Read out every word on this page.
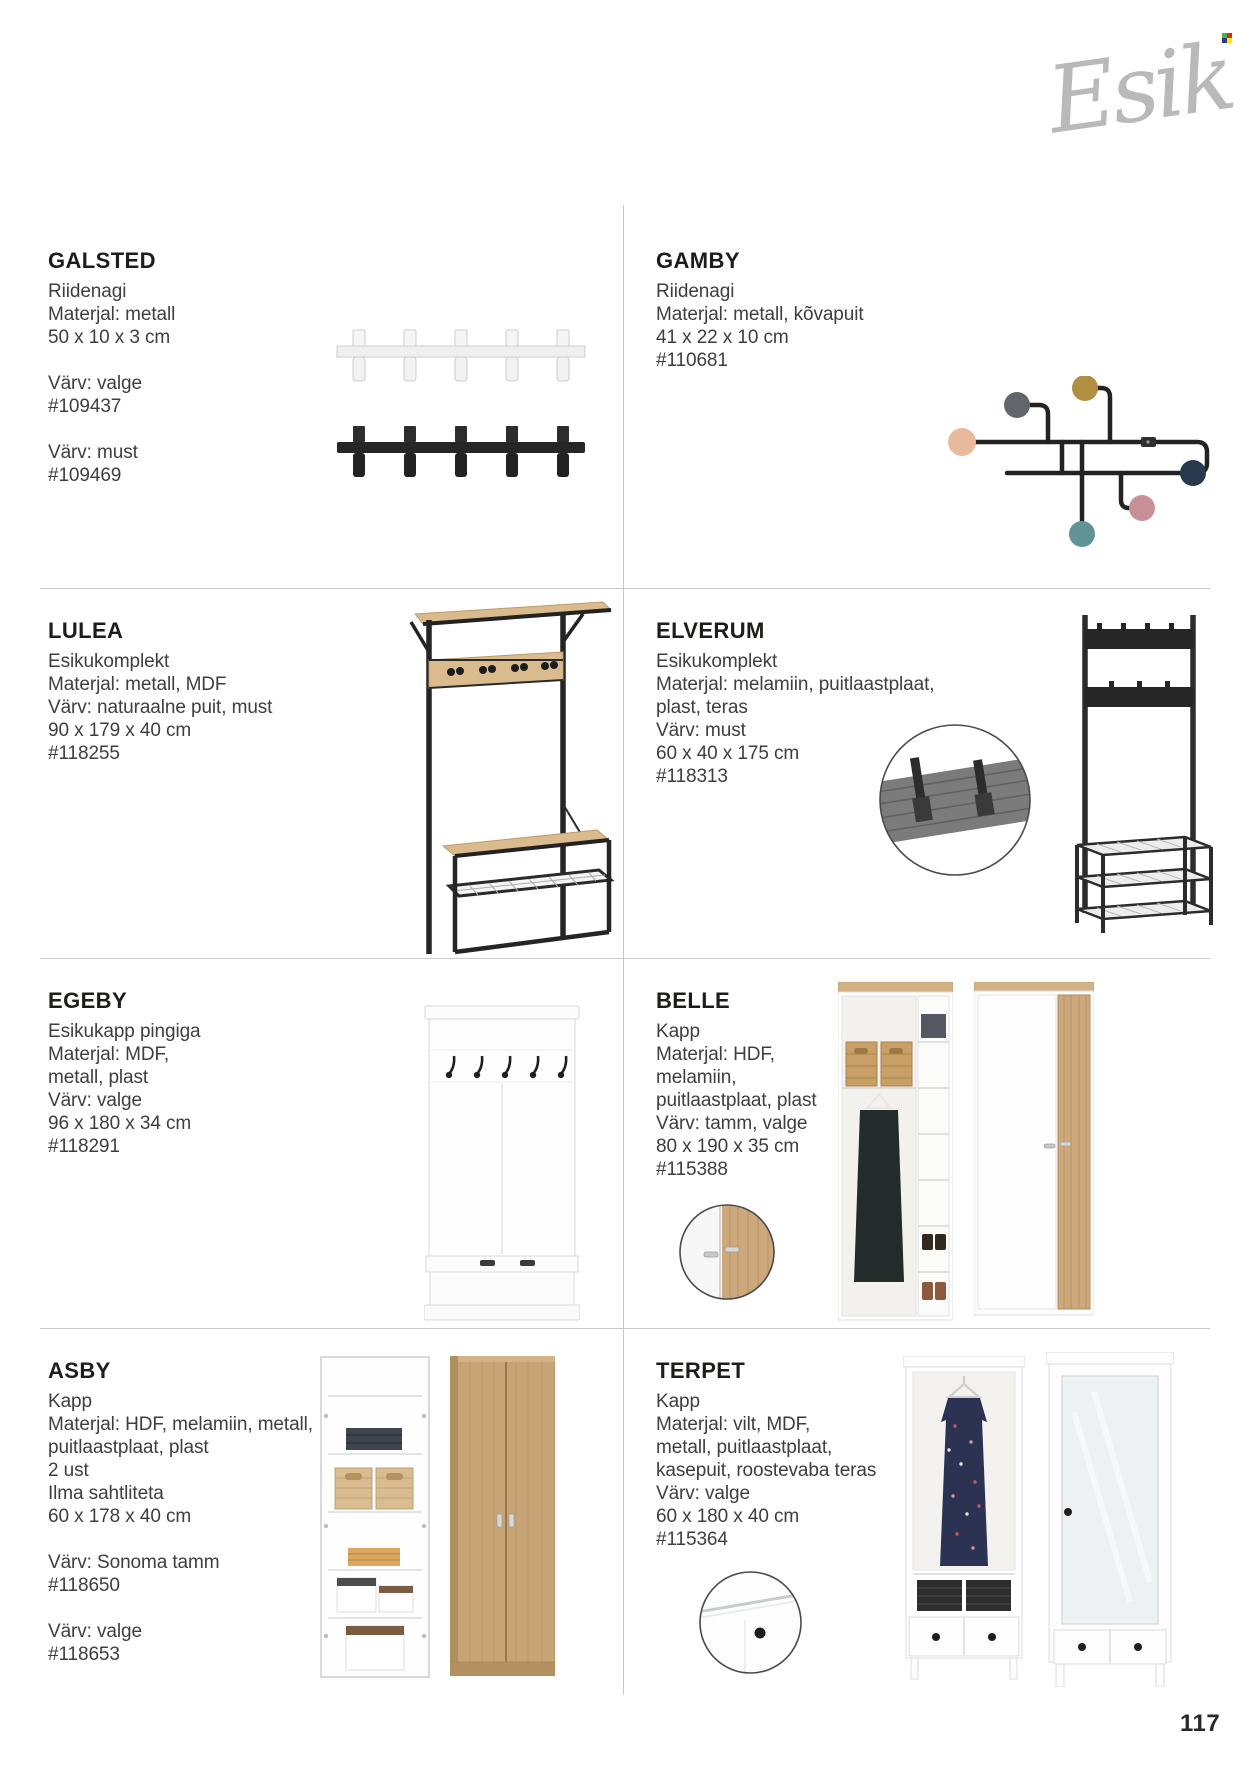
Esik
GALSTED
Riidenagi
Materjal: metall
50 x 10 x 3 cm
Värv: valge
#109437
Värv: must
#109469
GAMBY
Riidenagi
Materjal: metall, kõvapuit
41 x 22 x 10 cm
#110681
LULEA
Esikukomplekt
Materjal: metall, MDF
Värv: naturaalne puit, must
90 x 179 x 40 cm
#118255
ELVERUM
Esikukomplekt
Materjal: melamiin, puitlaastplaat,
plast, teras
Värv: must
60 x 40 x 175 cm
#118313
EGEBY
Esikukapp pingiga
Materjal: MDF,
metall, plast
Värv: valge
96 x 180 x 34 cm
#118291
BELLE
Kapp
Materjal: HDF,
melamiin,
puitlaastplaat, plast
Värv: tamm, valge
80 x 190 x 35 cm
#115388
ASBY
Kapp
Materjal: HDF, melamiin, metall,
puitlaastplaat, plast
2 ust
Ilma sahtliteta
60 x 178 x 40 cm
Värv: Sonoma tamm
#118650
Värv: valge
#118653
TERPET
Kapp
Materjal: vilt, MDF,
metall, puitlaastplaat,
kasepuit, roostevaba teras
Värv: valge
60 x 180 x 40 cm
#115364
117
